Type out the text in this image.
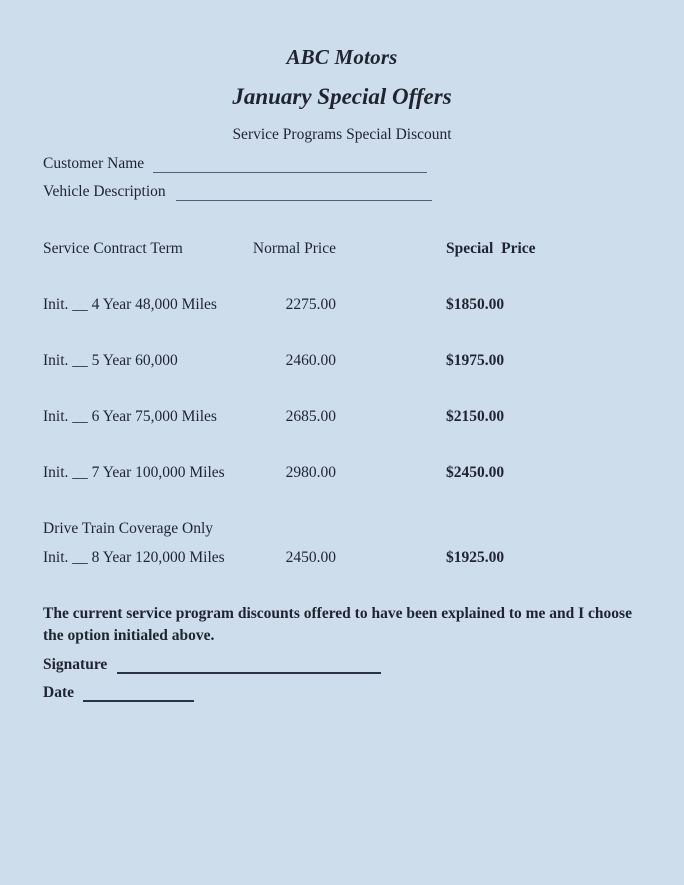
ABC Motors
January Special Offers
Service Programs Special Discount
Customer Name
Vehicle Description
Service Contract Term	Normal Price	Special  Price
Init. __ 4 Year 48,000 Miles	2275.00	$1850.00
Init. __ 5 Year 60,000	2460.00	$1975.00
Init. __ 6 Year 75,000 Miles	2685.00	$2150.00
Init. __ 7 Year 100,000 Miles	2980.00	$2450.00
Drive Train Coverage Only
Init. __ 8 Year 120,000 Miles	2450.00	$1925.00
The current service program discounts offered to have been explained to me and I choose the option initialed above.
Signature
Date
